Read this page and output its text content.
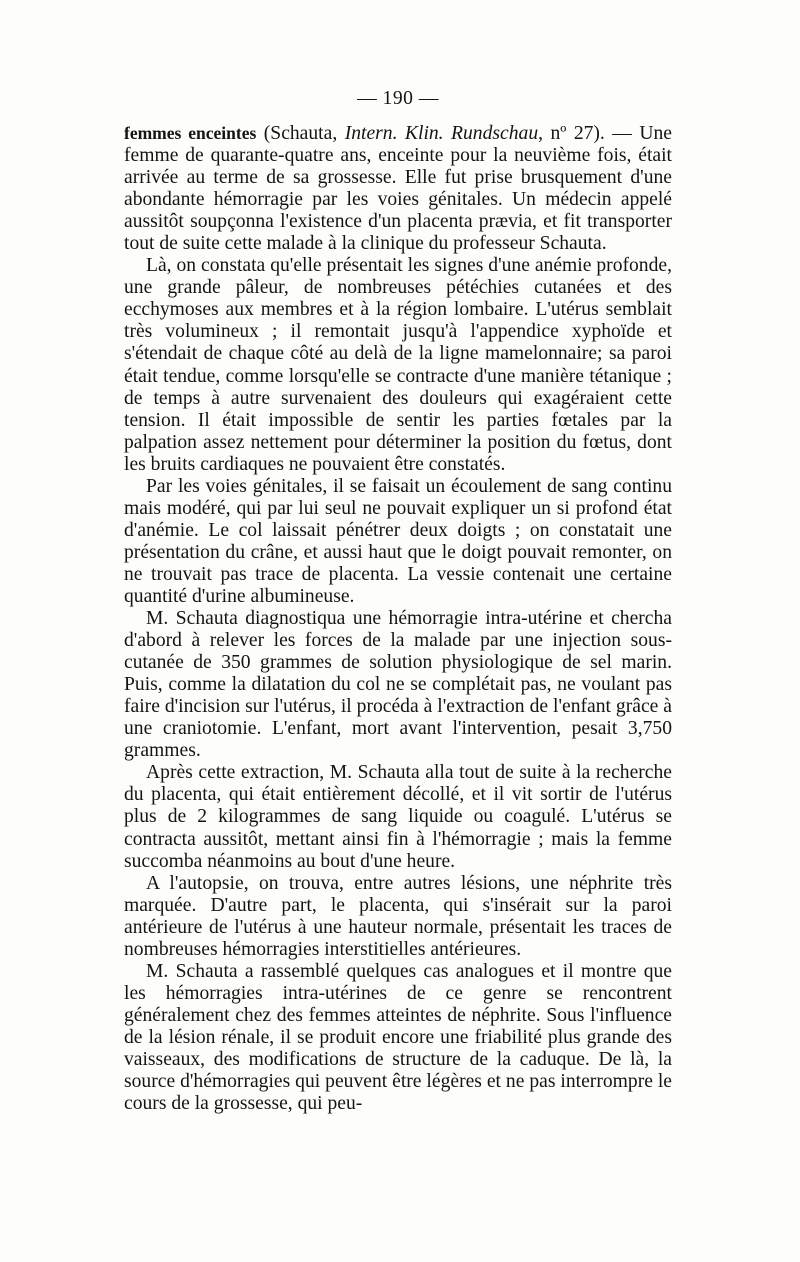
— 190 —

femmes enceintes (Schauta, Intern. Klin. Rundschau, nº 27). — Une femme de quarante-quatre ans, enceinte pour la neuvième fois, était arrivée au terme de sa grossesse. Elle fut prise brusquement d'une abondante hémorragie par les voies génitales. Un médecin appelé aussitôt soupçonna l'existence d'un placenta prævia, et fit transporter tout de suite cette malade à la clinique du professeur Schauta.

Là, on constata qu'elle présentait les signes d'une anémie profonde, une grande pâleur, de nombreuses pétéchies cutanées et des ecchymoses aux membres et à la région lombaire. L'utérus semblait très volumineux ; il remontait jusqu'à l'appendice xyphoïde et s'étendait de chaque côté au delà de la ligne mamelonnaire; sa paroi était tendue, comme lorsqu'elle se contracte d'une manière tétanique ; de temps à autre survenaient des douleurs qui exagéraient cette tension. Il était impossible de sentir les parties fœtales par la palpation assez nettement pour déterminer la position du fœtus, dont les bruits cardiaques ne pouvaient être constatés.

Par les voies génitales, il se faisait un écoulement de sang continu mais modéré, qui par lui seul ne pouvait expliquer un si profond état d'anémie. Le col laissait pénétrer deux doigts ; on constatait une présentation du crâne, et aussi haut que le doigt pouvait remonter, on ne trouvait pas trace de placenta. La vessie contenait une certaine quantité d'urine albumineuse.

M. Schauta diagnostiqua une hémorragie intra-utérine et chercha d'abord à relever les forces de la malade par une injection sous-cutanée de 350 grammes de solution physiologique de sel marin. Puis, comme la dilatation du col ne se complétait pas, ne voulant pas faire d'incision sur l'utérus, il procéda à l'extraction de l'enfant grâce à une craniotomie. L'enfant, mort avant l'intervention, pesait 3,750 grammes.

Après cette extraction, M. Schauta alla tout de suite à la recherche du placenta, qui était entièrement décollé, et il vit sortir de l'utérus plus de 2 kilogrammes de sang liquide ou coagulé. L'utérus se contracta aussitôt, mettant ainsi fin à l'hémorragie ; mais la femme succomba néanmoins au bout d'une heure.

A l'autopsie, on trouva, entre autres lésions, une néphrite très marquée. D'autre part, le placenta, qui s'insérait sur la paroi antérieure de l'utérus à une hauteur normale, présentait les traces de nombreuses hémorragies interstitielles antérieures.

M. Schauta a rassemblé quelques cas analogues et il montre que les hémorragies intra-utérines de ce genre se rencontrent généralement chez des femmes atteintes de néphrite. Sous l'influence de la lésion rénale, il se produit encore une friabilité plus grande des vaisseaux, des modifications de structure de la caduque. De là, la source d'hémorragies qui peuvent être légères et ne pas interrompre le cours de la grossesse, qui peu-
